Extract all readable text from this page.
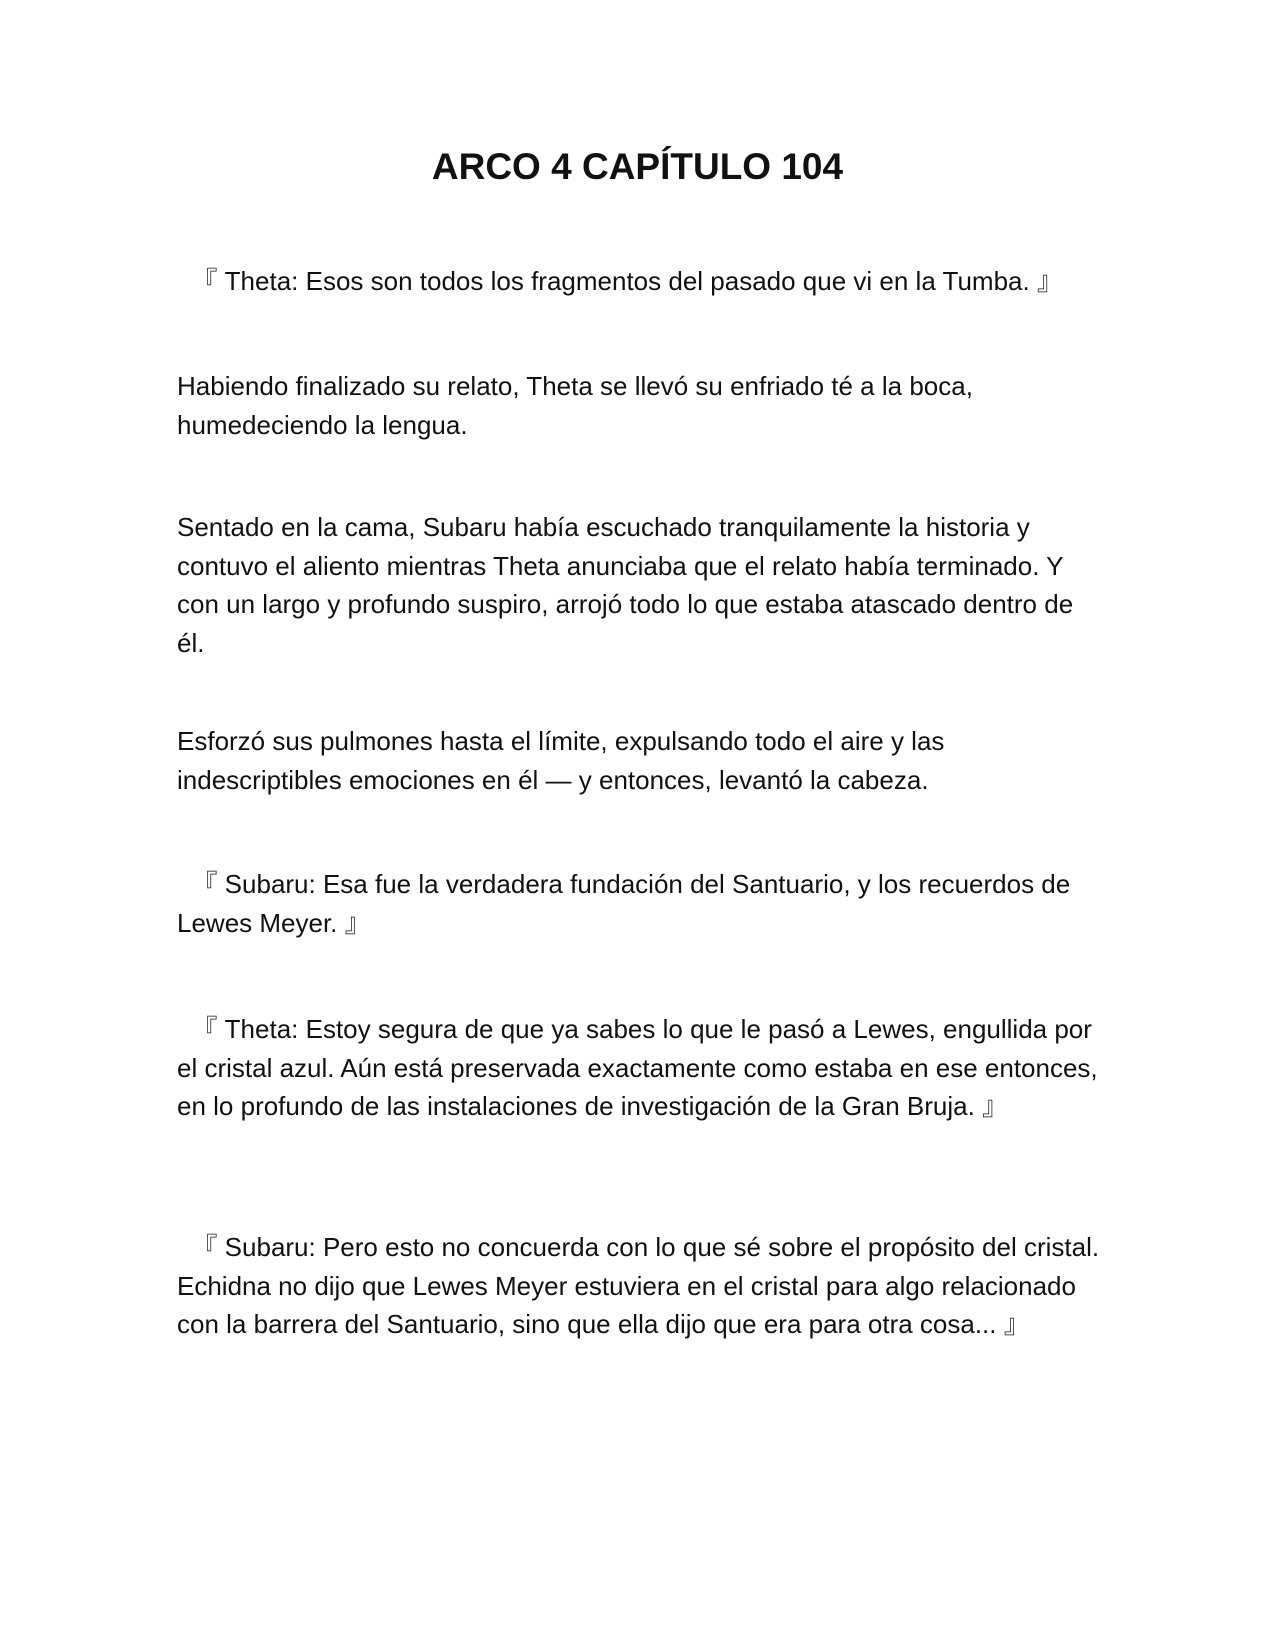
ARCO 4 CAPÍTULO 104

『 Theta: Esos son todos los fragmentos del pasado que vi en la Tumba. 』

Habiendo finalizado su relato, Theta se llevó su enfriado té a la boca, humedeciendo la lengua.

Sentado en la cama, Subaru había escuchado tranquilamente la historia y contuvo el aliento mientras Theta anunciaba que el relato había terminado. Y con un largo y profundo suspiro, arrojó todo lo que estaba atascado dentro de él.

Esforzó sus pulmones hasta el límite, expulsando todo el aire y las indescriptibles emociones en él — y entonces, levantó la cabeza.

『 Subaru: Esa fue la verdadera fundación del Santuario, y los recuerdos de Lewes Meyer. 』

『 Theta: Estoy segura de que ya sabes lo que le pasó a Lewes, engullida por el cristal azul. Aún está preservada exactamente como estaba en ese entonces, en lo profundo de las instalaciones de investigación de la Gran Bruja. 』

『 Subaru: Pero esto no concuerda con lo que sé sobre el propósito del cristal. Echidna no dijo que Lewes Meyer estuviera en el cristal para algo relacionado con la barrera del Santuario, sino que ella dijo que era para otra cosa... 』
